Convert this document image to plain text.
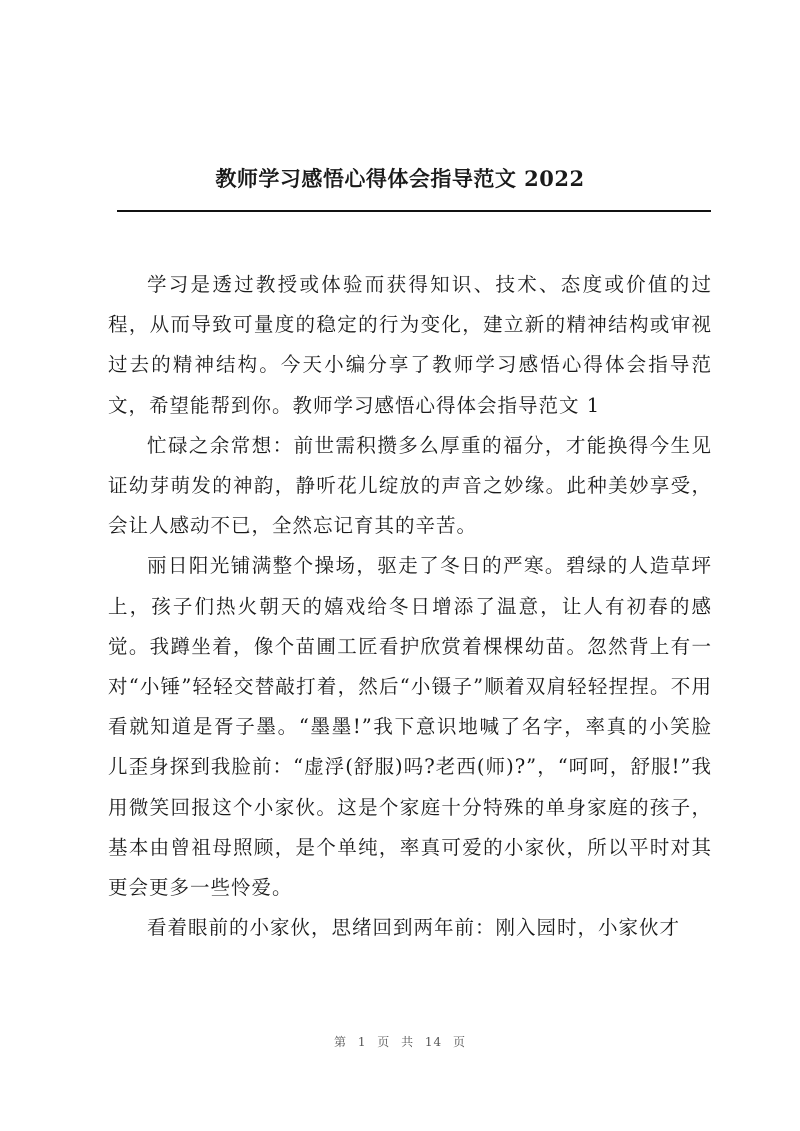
教师学习感悟心得体会指导范文 2022

学习是透过教授或体验而获得知识、技术、态度或价值的过程，从而导致可量度的稳定的行为变化，建立新的精神结构或审视过去的精神结构。今天小编分享了教师学习感悟心得体会指导范文，希望能帮到你。教师学习感悟心得体会指导范文 1

忙碌之余常想：前世需积攒多么厚重的福分，才能换得今生见证幼芽萌发的神韵，静听花儿绽放的声音之妙缘。此种美妙享受，会让人感动不已，全然忘记育其的辛苦。

丽日阳光铺满整个操场，驱走了冬日的严寒。碧绿的人造草坪上，孩子们热火朝天的嬉戏给冬日增添了温意，让人有初春的感觉。我蹲坐着，像个苗圃工匠看护欣赏着棵棵幼苗。忽然背上有一对“小锤”轻轻交替敲打着，然后“小镊子”顺着双肩轻轻捏捏。不用看就知道是胥子墨。“墨墨!”我下意识地喊了名字，率真的小笑脸儿歪身探到我脸前：“虚浮(舒服)吗?老西(师)?”，“呵呵，舒服!”我用微笑回报这个小家伙。这是个家庭十分特殊的单身家庭的孩子，基本由曾祖母照顾，是个单纯，率真可爱的小家伙，所以平时对其更会更多一些怜爱。

看着眼前的小家伙，思绪回到两年前：刚入园时，小家伙才

第 1 页 共 14 页
